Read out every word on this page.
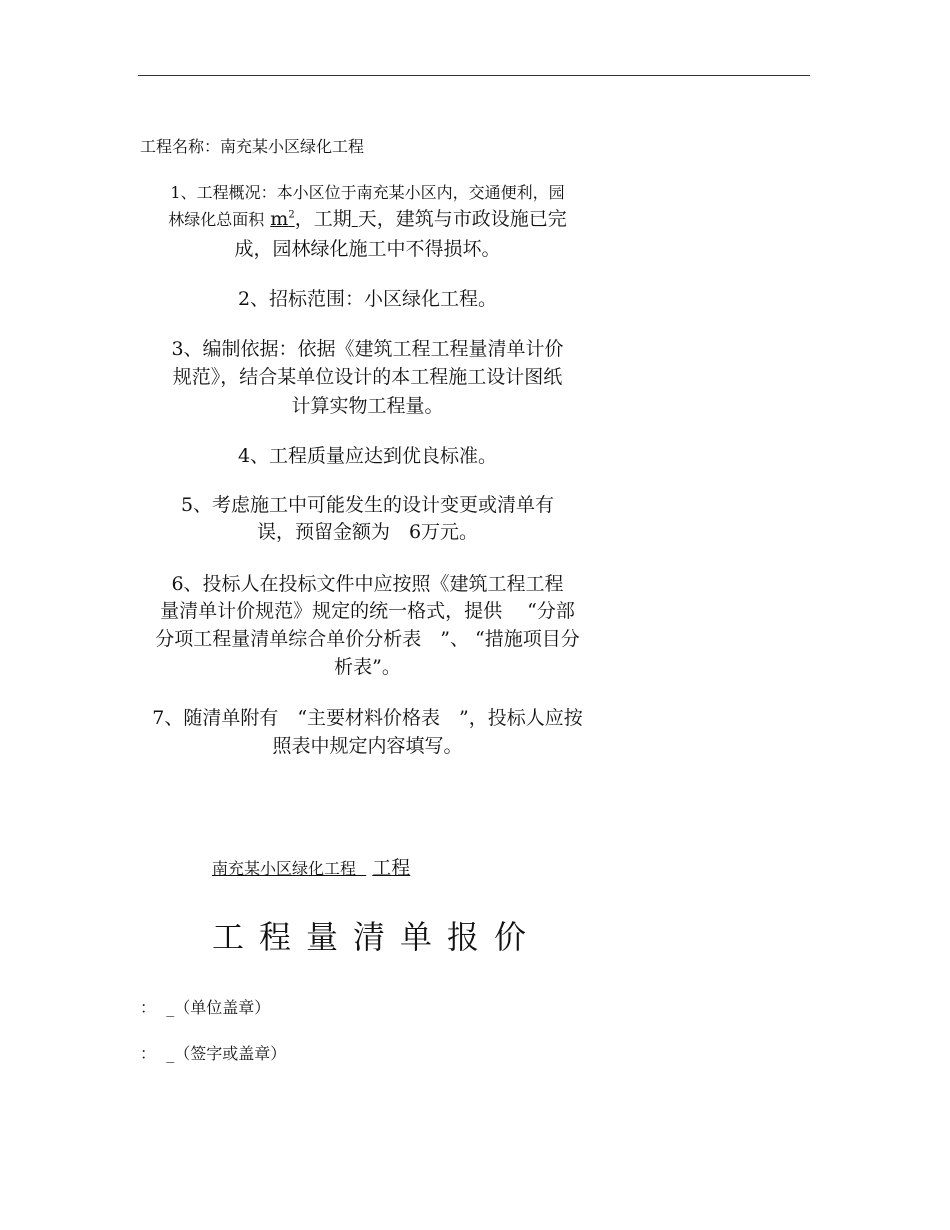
工程名称：南充某小区绿化工程
1、工程概况：本小区位于南充某小区内，交通便利，园
林绿化总面积 $m^2$，工期 天，建筑与市政设施已完
成，园林绿化施工中不得损坏。
2、招标范围：小区绿化工程。
3、编制依据：依据《建筑工程工程量清单计价
规范》，结合某单位设计的本工程施工设计图纸
计算实物工程量。
4、工程质量应达到优良标准。
5、考虑施工中可能发生的设计变更或清单有
误，预留金额为　6万元。
6、投标人在投标文件中应按照《建筑工程工程
量清单计价规范》规定的统一格式，提供　 “分部
分项工程量清单综合单价分析表　”、 “措施项目分
析表”。
7、随清单附有　“主要材料价格表　”，投标人应按
照表中规定内容填写。
南充某小区绿化工程 工程
工程量清单报价
： _（单位盖章）
： _（签字或盖章）
